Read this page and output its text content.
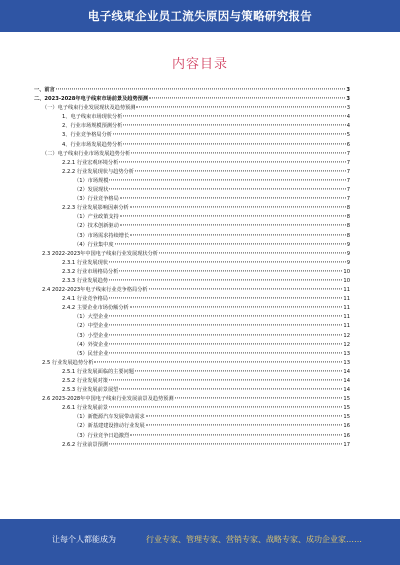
电子线束企业员工流失原因与策略研究报告
内容目录
一、前言	3
二、2023-2028年电子线束市场前景及趋势预测	3
（一）电子线束行业发展现状及趋势预测	3
1、电子线束市场现状分析	4
2、行业市场规模预测分析	4
3、行业竞争格局分析	5
4、行业市场发展趋势分析	6
（二）电子线束行业市场发展趋势分析	7
2.2.1 行业宏观环境分析	7
2.2.2 行业发展现状与趋势分析	7
（1）市场规模	7
（2）发展现状	7
（3）行业竞争格局	7
2.2.3 行业发展影响因素分析	8
（1）产业政策支持	8
（2）技术创新驱动	8
（3）市场需求持续增长	8
（4）行业集中度	9
2.3 2022-2023年中国电子线束行业发展现状分析	9
2.3.1 行业发展现状	9
2.3.2 行业市场格局分析	10
2.3.3 行业发展趋势	10
2.4 2022-2023年电子线束行业竞争格局分析	11
2.4.1 行业竞争格局	11
2.4.2 主要企业市场份额分析	11
（1）大型企业	11
（2）中型企业	11
（3）小型企业	12
（4）外资企业	12
（5）民营企业	13
2.5 行业发展趋势分析	13
2.5.1 行业发展面临的主要问题	14
2.5.2 行业发展对策	14
2.5.3 行业发展前景展望	14
2.6 2023-2028年中国电子线束行业发展前景及趋势预测	15
2.6.1 行业发展前景	15
（1）新能源汽车发展带动需求	15
（2）新基建建设推动行业发展	16
（3）行业竞争日趋激烈	16
2.6.2 行业前景预测	17
让每个人都能成为	行业专家、管理专家、营销专家、战略专家、成功企业家……
